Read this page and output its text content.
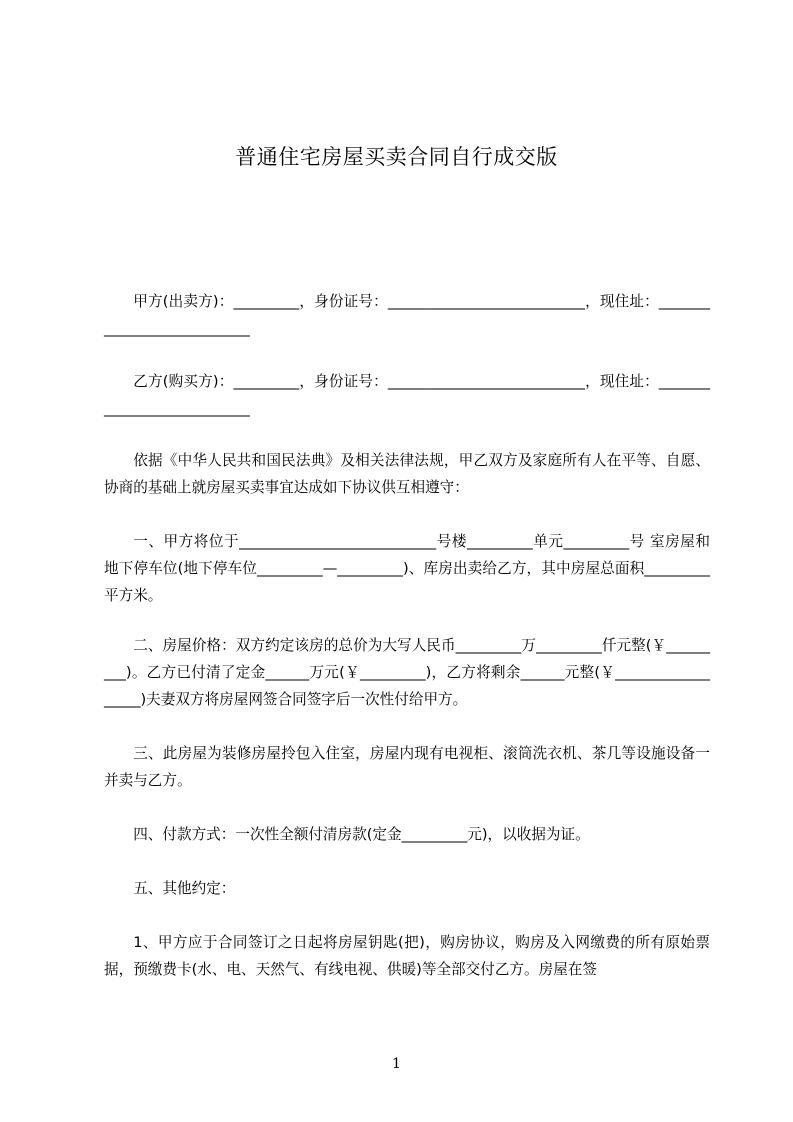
普通住宅房屋买卖合同自行成交版
甲方(出卖方)：_________，身份证号：___________________________，现住址：___________________________
乙方(购买方)：_________，身份证号：___________________________，现住址：___________________________
依据《中华人民共和国民法典》及相关法律法规，甲乙双方及家庭所有人在平等、自愿、协商的基础上就房屋买卖事宜达成如下协议供互相遵守：
一、甲方将位于___________________________号楼_________单元_________号 室房屋和地下停车位(地下停车位_________—_________)、库房出卖给乙方，其中房屋总面积_________平方米。
二、房屋价格：双方约定该房的总价为大写人民币_________万_________仟元整(￥_________)。乙方已付清了定金______万元(￥_________)，乙方将剩余______元整(￥__________________)夫妻双方将房屋网签合同签字后一次性付给甲方。
三、此房屋为装修房屋拎包入住室，房屋内现有电视柜、滚筒洗衣机、茶几等设施设备一并卖与乙方。
四、付款方式：一次性全额付清房款(定金_________元)，以收据为证。
五、其他约定：
1、甲方应于合同签订之日起将房屋钥匙(把)，购房协议，购房及入网缴费的所有原始票据，预缴费卡(水、电、天然气、有线电视、供暖)等全部交付乙方。房屋在签
1
